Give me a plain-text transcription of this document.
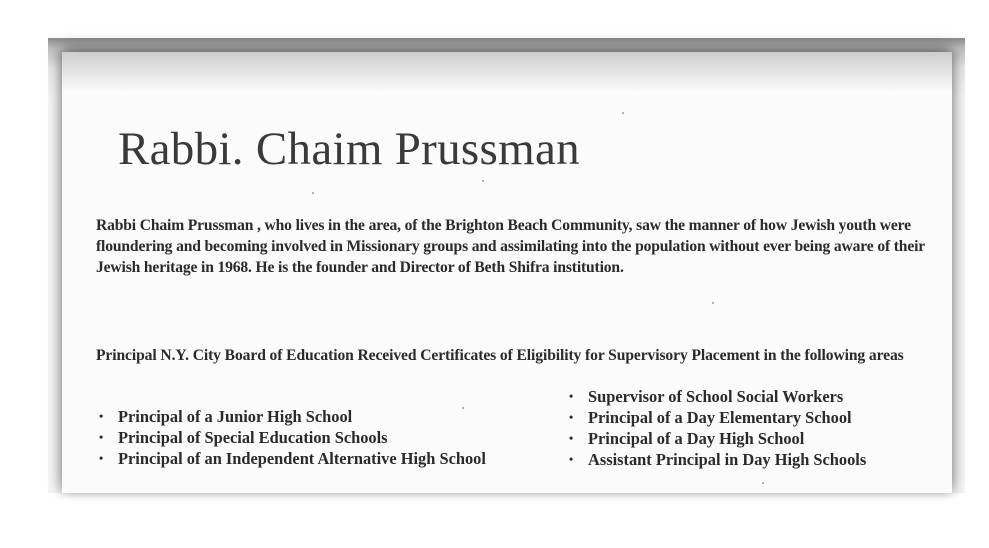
Rabbi. Chaim Prussman

Rabbi Chaim Prussman , who lives in the area, of the Brighton Beach Community, saw the manner of how Jewish youth were floundering and becoming involved in Missionary groups and assimilating into the population without ever being aware of their Jewish heritage in 1968. He is the founder and Director of Beth Shifra institution.

Principal N.Y. City Board of Education Received Certificates of Eligibility for Supervisory Placement in the following areas

• Principal of a Junior High School
• Principal of Special Education Schools
• Principal of an Independent Alternative High School
• Supervisor of School Social Workers
• Principal of a Day Elementary School
• Principal of a Day High School
• Assistant Principal in Day High Schools
